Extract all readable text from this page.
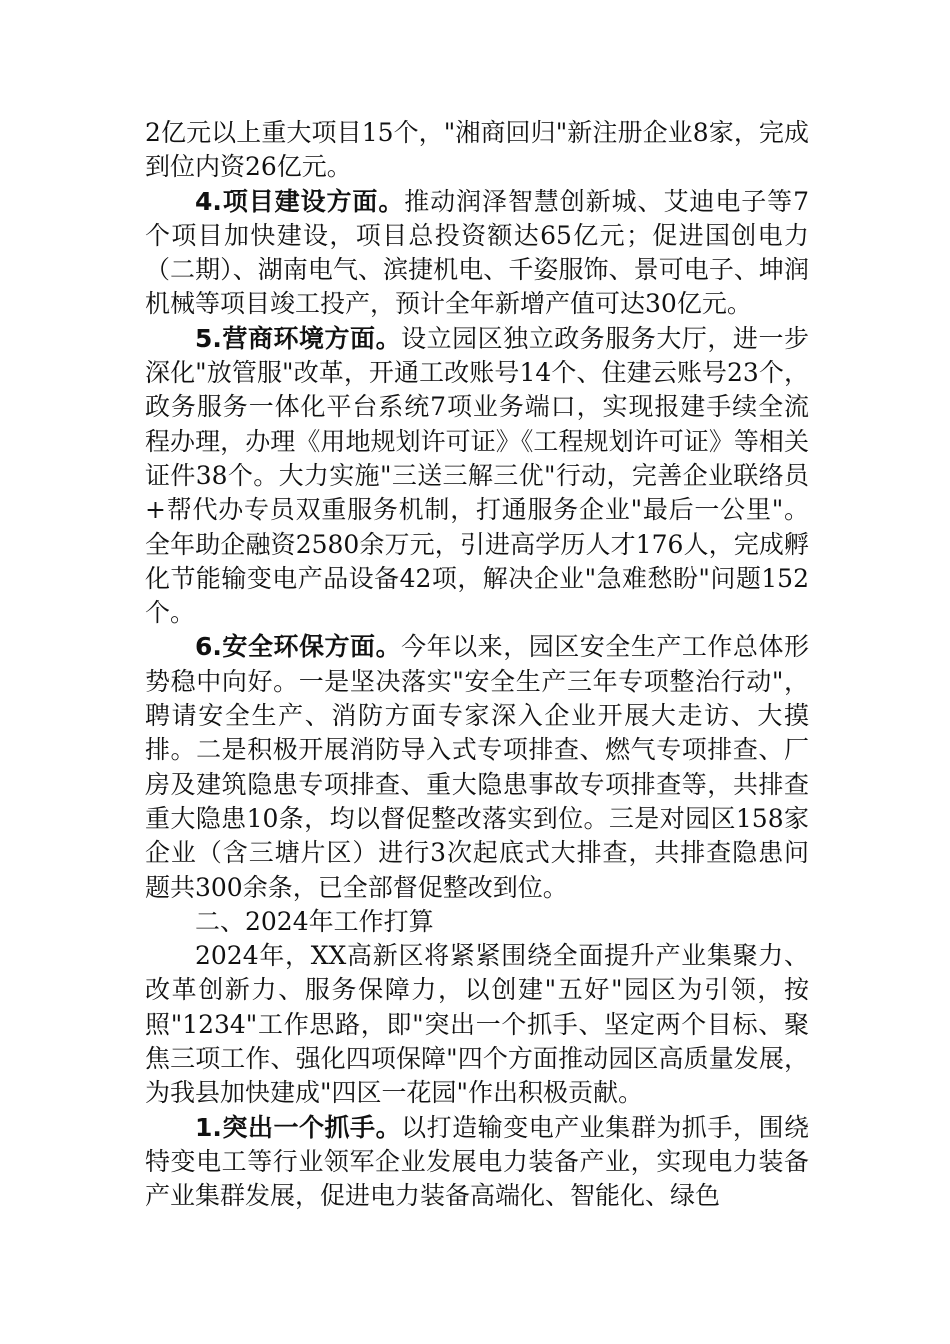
2亿元以上重大项目15个，"湘商回归"新注册企业8家，完成到位内资26亿元。

4.项目建设方面。推动润泽智慧创新城、艾迪电子等7个项目加快建设，项目总投资额达65亿元；促进国创电力（二期）、湖南电气、滨捷机电、千姿服饰、景可电子、坤润机械等项目竣工投产，预计全年新增产值可达30亿元。

5.营商环境方面。设立园区独立政务服务大厅，进一步深化"放管服"改革，开通工改账号14个、住建云账号23个，政务服务一体化平台系统7项业务端口，实现报建手续全流程办理，办理《用地规划许可证》《工程规划许可证》等相关证件38个。大力实施"三送三解三优"行动，完善企业联络员+帮代办专员双重服务机制，打通服务企业"最后一公里"。全年助企融资2580余万元，引进高学历人才176人，完成孵化节能输变电产品设备42项，解决企业"急难愁盼"问题152个。

6.安全环保方面。今年以来，园区安全生产工作总体形势稳中向好。一是坚决落实"安全生产三年专项整治行动"，聘请安全生产、消防方面专家深入企业开展大走访、大摸排。二是积极开展消防导入式专项排查、燃气专项排查、厂房及建筑隐患专项排查、重大隐患事故专项排查等，共排查重大隐患10条，均以督促整改落实到位。三是对园区158家企业（含三塘片区）进行3次起底式大排查，共排查隐患问题共300余条，已全部督促整改到位。

二、2024年工作打算

2024年，XX高新区将紧紧围绕全面提升产业集聚力、改革创新力、服务保障力，以创建"五好"园区为引领，按照"1234"工作思路，即"突出一个抓手、坚定两个目标、聚焦三项工作、强化四项保障"四个方面推动园区高质量发展，为我县加快建成"四区一花园"作出积极贡献。

1.突出一个抓手。以打造输变电产业集群为抓手，围绕特变电工等行业领军企业发展电力装备产业，实现电力装备产业集群发展，促进电力装备高端化、智能化、绿色
